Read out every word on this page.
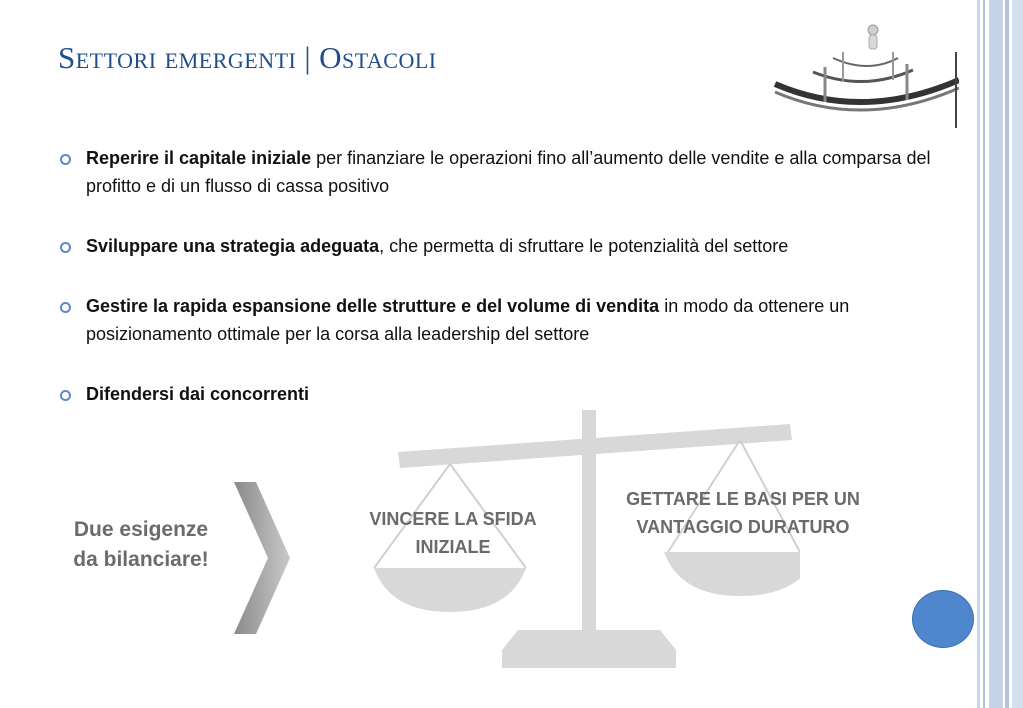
Settori emergenti | Ostacoli
Reperire il capitale iniziale per finanziare le operazioni fino all’aumento delle vendite e alla comparsa del profitto e di un flusso di cassa positivo
Sviluppare una strategia adeguata, che permetta di sfruttare le potenzialità del settore
Gestire la rapida espansione delle strutture e del volume di vendita in modo da ottenere un posizionamento ottimale per la corsa alla leadership del settore
Difendersi dai concorrenti
Due esigenze
da bilanciare!
VINCERE LA SFIDA
INIZIALE
GETTARE LE BASI PER UN
VANTAGGIO DURATURO
